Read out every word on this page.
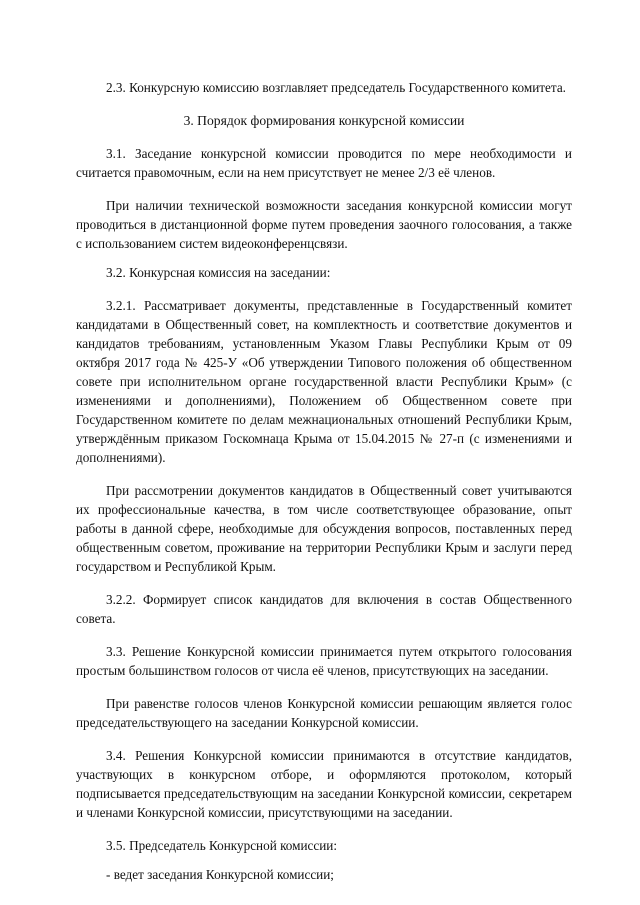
2.3. Конкурсную комиссию возглавляет председатель Государственного комитета.

3. Порядок формирования конкурсной комиссии

3.1. Заседание конкурсной комиссии проводится по мере необходимости и считается правомочным, если на нем присутствует не менее 2/3 её членов.

При наличии технической возможности заседания конкурсной комиссии могут проводиться в дистанционной форме путем проведения заочного голосования, а также с использованием систем видеоконференцсвязи.

3.2. Конкурсная комиссия на заседании:

3.2.1. Рассматривает документы, представленные в Государственный комитет кандидатами в Общественный совет, на комплектность и соответствие документов и кандидатов требованиям, установленным Указом Главы Республики Крым от 09 октября 2017 года № 425-У «Об утверждении Типового положения об общественном совете при исполнительном органе государственной власти Республики Крым» (с изменениями и дополнениями), Положением об Общественном совете при Государственном комитете по делам межнациональных отношений Республики Крым, утверждённым приказом Госкомнаца Крыма от 15.04.2015 № 27-п (с изменениями и дополнениями).

При рассмотрении документов кандидатов в Общественный совет учитываются их профессиональные качества, в том числе соответствующее образование, опыт работы в данной сфере, необходимые для обсуждения вопросов, поставленных перед общественным советом, проживание на территории Республики Крым и заслуги перед государством и Республикой Крым.

3.2.2. Формирует список кандидатов для включения в состав Общественного совета.

3.3. Решение Конкурсной комиссии принимается путем открытого голосования простым большинством голосов от числа её членов, присутствующих на заседании.

При равенстве голосов членов Конкурсной комиссии решающим является голос председательствующего на заседании Конкурсной комиссии.

3.4. Решения Конкурсной комиссии принимаются в отсутствие кандидатов, участвующих в конкурсном отборе, и оформляются протоколом, который подписывается председательствующим на заседании Конкурсной комиссии, секретарем и членами Конкурсной комиссии, присутствующими на заседании.

3.5. Председатель Конкурсной комиссии:

- ведет заседания Конкурсной комиссии;
